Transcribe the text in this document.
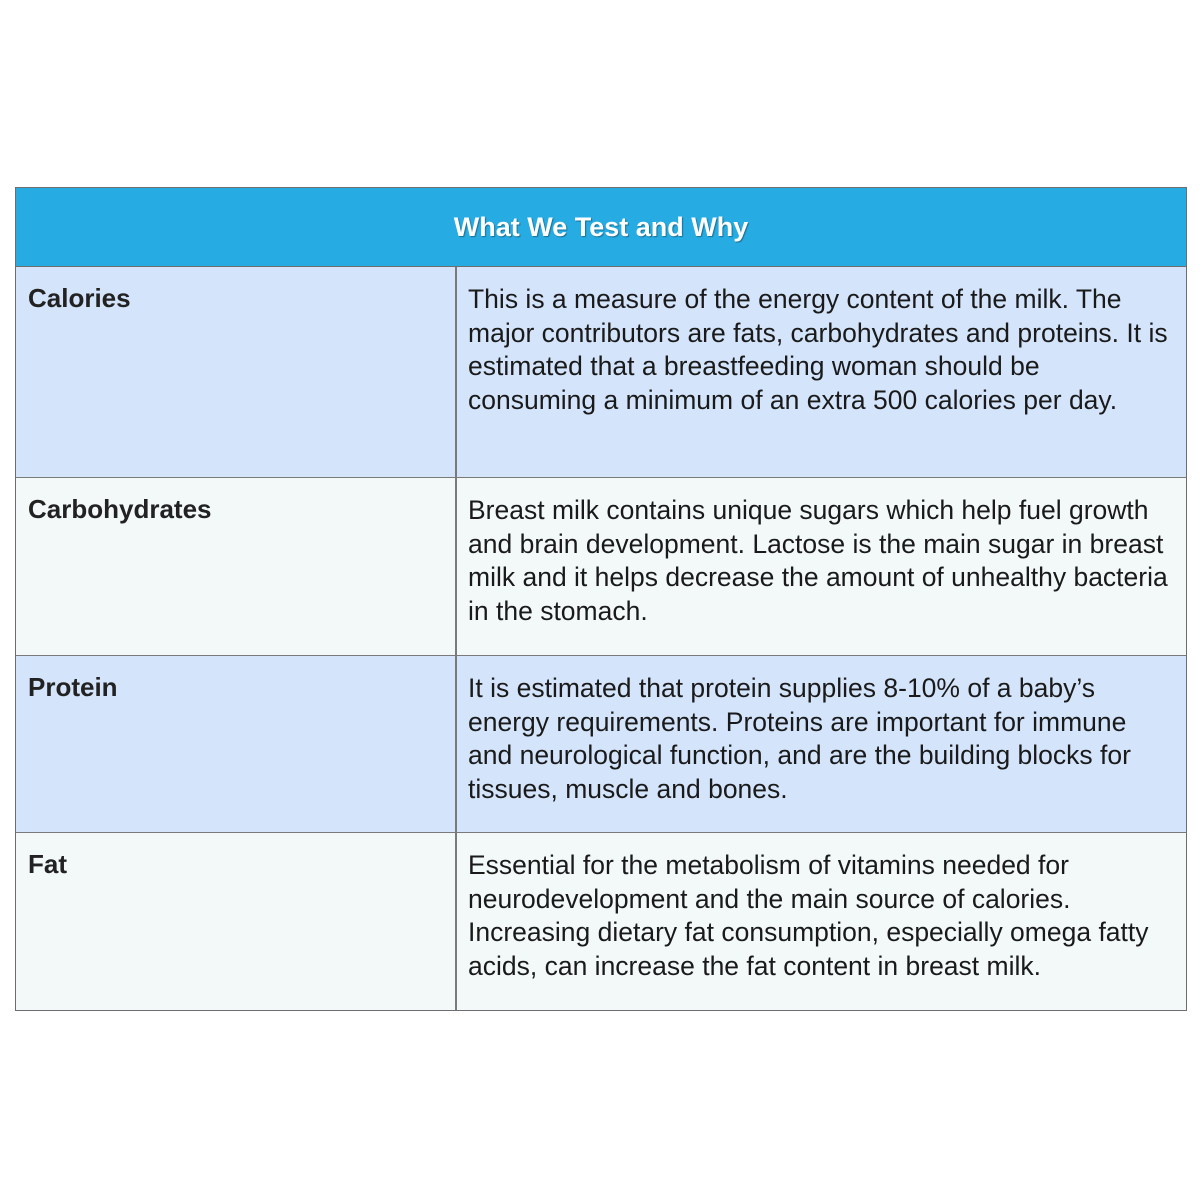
What We Test and Why
Calories	This is a measure of the energy content of the milk. The major contributors are fats, carbohydrates and proteins. It is estimated that a breastfeeding woman should be consuming a minimum of an extra 500 calories per day.

Carbohydrates	Breast milk contains unique sugars which help fuel growth and brain development. Lactose is the main sugar in breast milk and it helps decrease the amount of unhealthy bacteria in the stomach.

Protein	It is estimated that protein supplies 8-10% of a baby’s energy requirements. Proteins are important for immune and neurological function, and are the building blocks for tissues, muscle and bones.

Fat	Essential for the metabolism of vitamins needed for neurodevelopment and the main source of calories. Increasing dietary fat consumption, especially omega fatty acids, can increase the fat content in breast milk.
